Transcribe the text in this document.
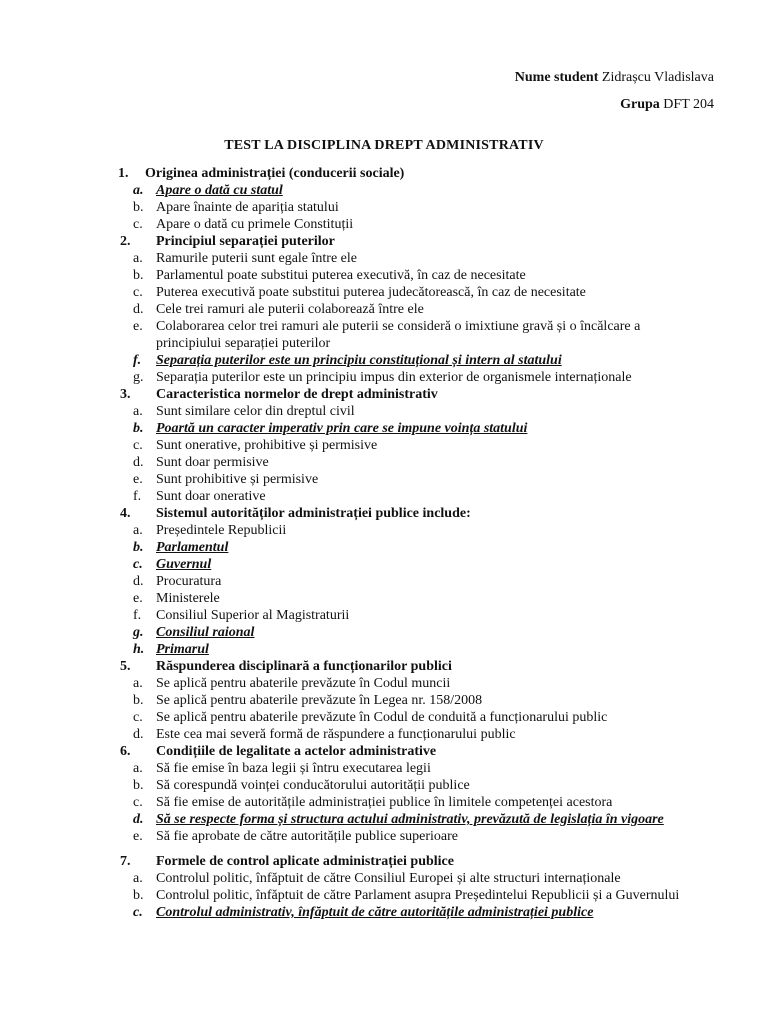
Nume student Zidrașcu Vladislava
Grupa DFT 204
TEST LA DISCIPLINA DREPT ADMINISTRATIV
1. Originea administrației (conducerii sociale)
a. Apare o dată cu statul
b. Apare înainte de apariția statului
c. Apare o dată cu primele Constituții
2. Principiul separației puterilor
a. Ramurile puterii sunt egale între ele
b. Parlamentul poate substitui puterea executivă, în caz de necesitate
c. Puterea executivă poate substitui puterea judecătorească, în caz de necesitate
d. Cele trei ramuri ale puterii colaborează între ele
e. Colaborarea celor trei ramuri ale puterii se consideră o imixtiune gravă și o încălcare a principiului separației puterilor
f. Separația puterilor este un principiu constituțional și intern al statului
g. Separația puterilor este un principiu impus din exterior de organismele internaționale
3. Caracteristica normelor de drept administrativ
a. Sunt similare celor din dreptul civil
b. Poartă un caracter imperativ prin care se impune voința statului
c. Sunt onerative, prohibitive și permisive
d. Sunt doar permisive
e. Sunt prohibitive și permisive
f. Sunt doar onerative
4. Sistemul autorităților administrației publice include:
a. Președintele Republicii
b. Parlamentul
c. Guvernul
d. Procuratura
e. Ministerele
f. Consiliul Superior al Magistraturii
g. Consiliul raional
h. Primarul
5. Răspunderea disciplinară a funcționarilor publici
a. Se aplică pentru abaterile prevăzute în Codul muncii
b. Se aplică pentru abaterile prevăzute în Legea nr. 158/2008
c. Se aplică pentru abaterile prevăzute în Codul de conduită a funcționarului public
d. Este cea mai severă formă de răspundere a funcționarului public
6. Condițiile de legalitate a actelor administrative
a. Să fie emise în baza legii și întru executarea legii
b. Să corespundă voinței conducătorului autorității publice
c. Să fie emise de autoritățile administrației publice în limitele competenței acestora
d. Să se respecte forma și structura actului administrativ, prevăzută de legislația în vigoare
e. Să fie aprobate de către autoritățile publice superioare
7. Formele de control aplicate administrației publice
a. Controlul politic, înfăptuit de către Consiliul Europei și alte structuri internaționale
b. Controlul politic, înfăptuit de către Parlament asupra Președintelui Republicii și a Guvernului
c. Controlul administrativ, înfăptuit de către autoritățile administrației publice
